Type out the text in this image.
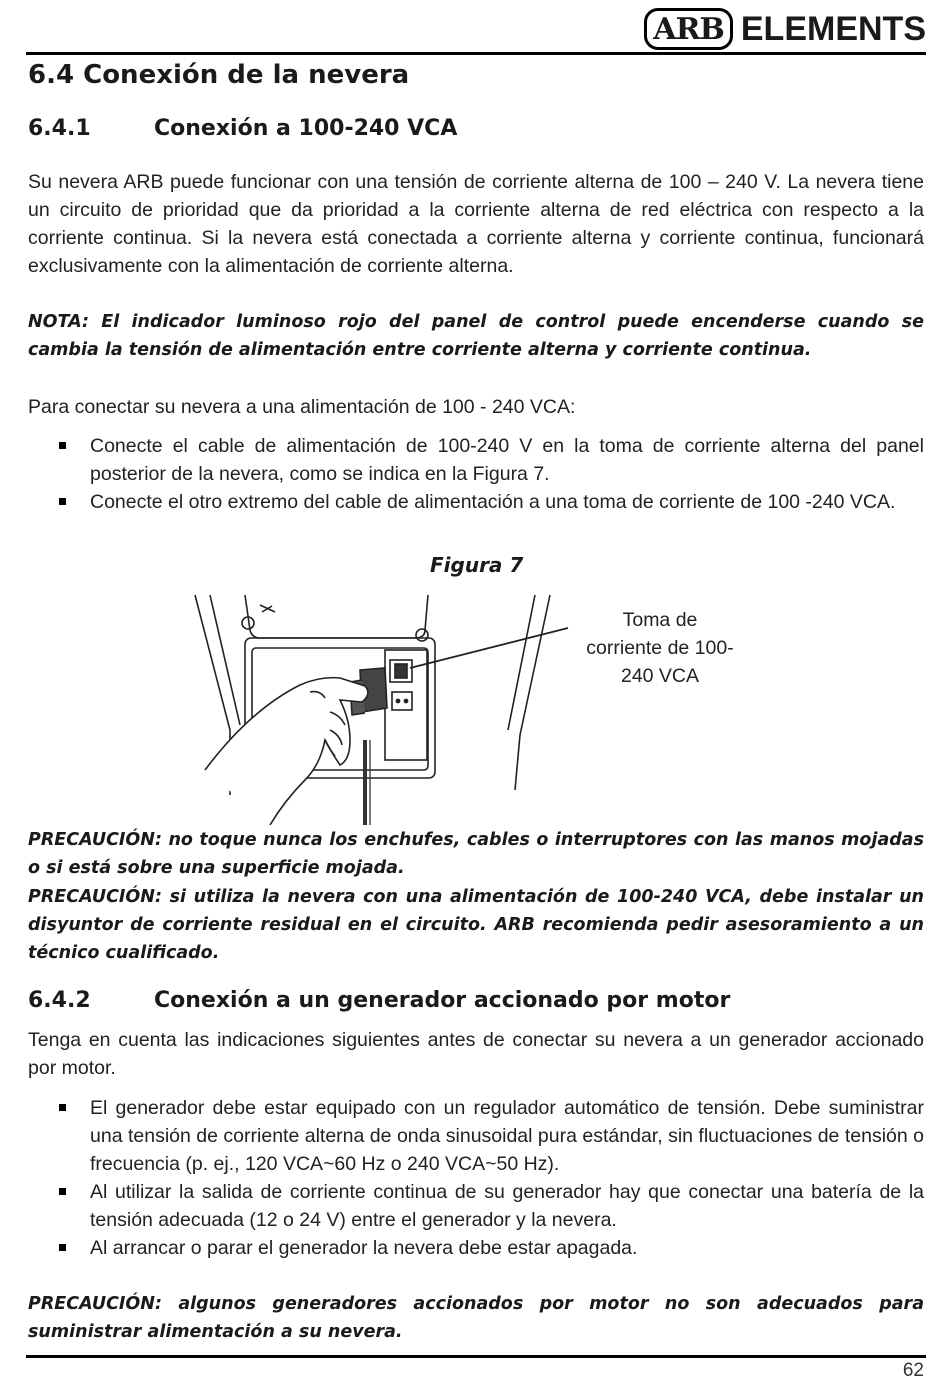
ARB ELEMENTS
6.4 Conexión de la nevera
6.4.1	Conexión a 100-240 VCA

Su nevera ARB puede funcionar con una tensión de corriente alterna de 100 – 240 V. La nevera tiene un circuito de prioridad que da prioridad a la corriente alterna de red eléctrica con respecto a la corriente continua. Si la nevera está conectada a corriente alterna y corriente continua, funcionará exclusivamente con la alimentación de corriente alterna.

NOTA: El indicador luminoso rojo del panel de control puede encenderse cuando se cambia la tensión de alimentación entre corriente alterna y corriente continua.

Para conectar su nevera a una alimentación de 100 - 240 VCA:

Conecte el cable de alimentación de 100-240 V en la toma de corriente alterna del panel posterior de la nevera, como se indica en la Figura 7.
Conecte el otro extremo del cable de alimentación a una toma de corriente de 100 -240 VCA.
Figura 7
Toma de corriente de 100-240 VCA

PRECAUCIÓN: no toque nunca los enchufes, cables o interruptores con las manos mojadas o si está sobre una superficie mojada.

PRECAUCIÓN: si utiliza la nevera con una alimentación de 100-240 VCA, debe instalar un disyuntor de corriente residual en el circuito. ARB recomienda pedir asesoramiento a un técnico cualificado.

6.4.2	Conexión a un generador accionado por motor

Tenga en cuenta las indicaciones siguientes antes de conectar su nevera a un generador accionado por motor.

El generador debe estar equipado con un regulador automático de tensión. Debe suministrar una tensión de corriente alterna de onda sinusoidal pura estándar, sin fluctuaciones de tensión o frecuencia (p. ej., 120 VCA~60 Hz o 240 VCA~50 Hz).
Al utilizar la salida de corriente continua de su generador hay que conectar una batería de la tensión adecuada (12 o 24 V) entre el generador y la nevera.
Al arrancar o parar el generador la nevera debe estar apagada.

PRECAUCIÓN: algunos generadores accionados por motor no son adecuados para suministrar alimentación a su nevera.

62
